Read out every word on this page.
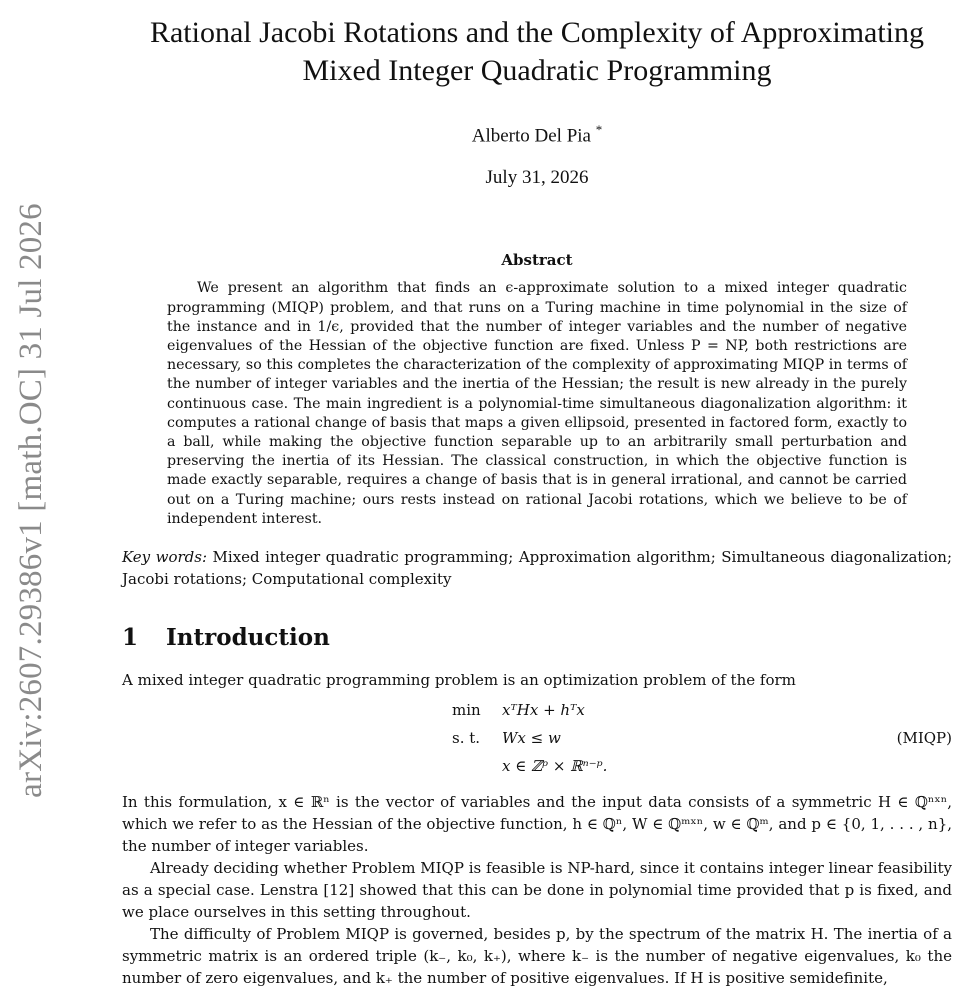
arXiv:2607.29386v1 [math.OC] 31 Jul 2026
Rational Jacobi Rotations and the Complexity of Approximating
Mixed Integer Quadratic Programming
Alberto Del Pia *
July 31, 2026
Abstract
We present an algorithm that finds an ϵ-approximate solution to a mixed integer quadratic programming (MIQP) problem, and that runs on a Turing machine in time polynomial in the size of the instance and in 1/ϵ, provided that the number of integer variables and the number of negative eigenvalues of the Hessian of the objective function are fixed. Unless P = NP, both restrictions are necessary, so this completes the characterization of the complexity of approximating MIQP in terms of the number of integer variables and the inertia of the Hessian; the result is new already in the purely continuous case. The main ingredient is a polynomial-time simultaneous diagonalization algorithm: it computes a rational change of basis that maps a given ellipsoid, presented in factored form, exactly to a ball, while making the objective function separable up to an arbitrarily small perturbation and preserving the inertia of its Hessian. The classical construction, in which the objective function is made exactly separable, requires a change of basis that is in general irrational, and cannot be carried out on a Turing machine; ours rests instead on rational Jacobi rotations, which we believe to be of independent interest.
Key words: Mixed integer quadratic programming; Approximation algorithm; Simultaneous diagonalization; Jacobi rotations; Computational complexity
1 Introduction

A mixed integer quadratic programming problem is an optimization problem of the form

min	xᵀHx + hᵀx
s. t.	Wx ≤ w
x ∈ ℤᵖ × ℝⁿ⁻ᵖ.
(MIQP)

In this formulation, x ∈ ℝⁿ is the vector of variables and the input data consists of a symmetric H ∈ ℚⁿˣⁿ, which we refer to as the Hessian of the objective function, h ∈ ℚⁿ, W ∈ ℚᵐˣⁿ, w ∈ ℚᵐ, and p ∈ {0, 1, . . . , n}, the number of integer variables.

Already deciding whether Problem MIQP is feasible is NP-hard, since it contains integer linear feasibility as a special case. Lenstra [12] showed that this can be done in polynomial time provided that p is fixed, and we place ourselves in this setting throughout.

The difficulty of Problem MIQP is governed, besides p, by the spectrum of the matrix H. The inertia of a symmetric matrix is an ordered triple (k₋, k₀, k₊), where k₋ is the number of negative eigenvalues, k₀ the number of zero eigenvalues, and k₊ the number of positive eigenvalues. If H is positive semidefinite,
